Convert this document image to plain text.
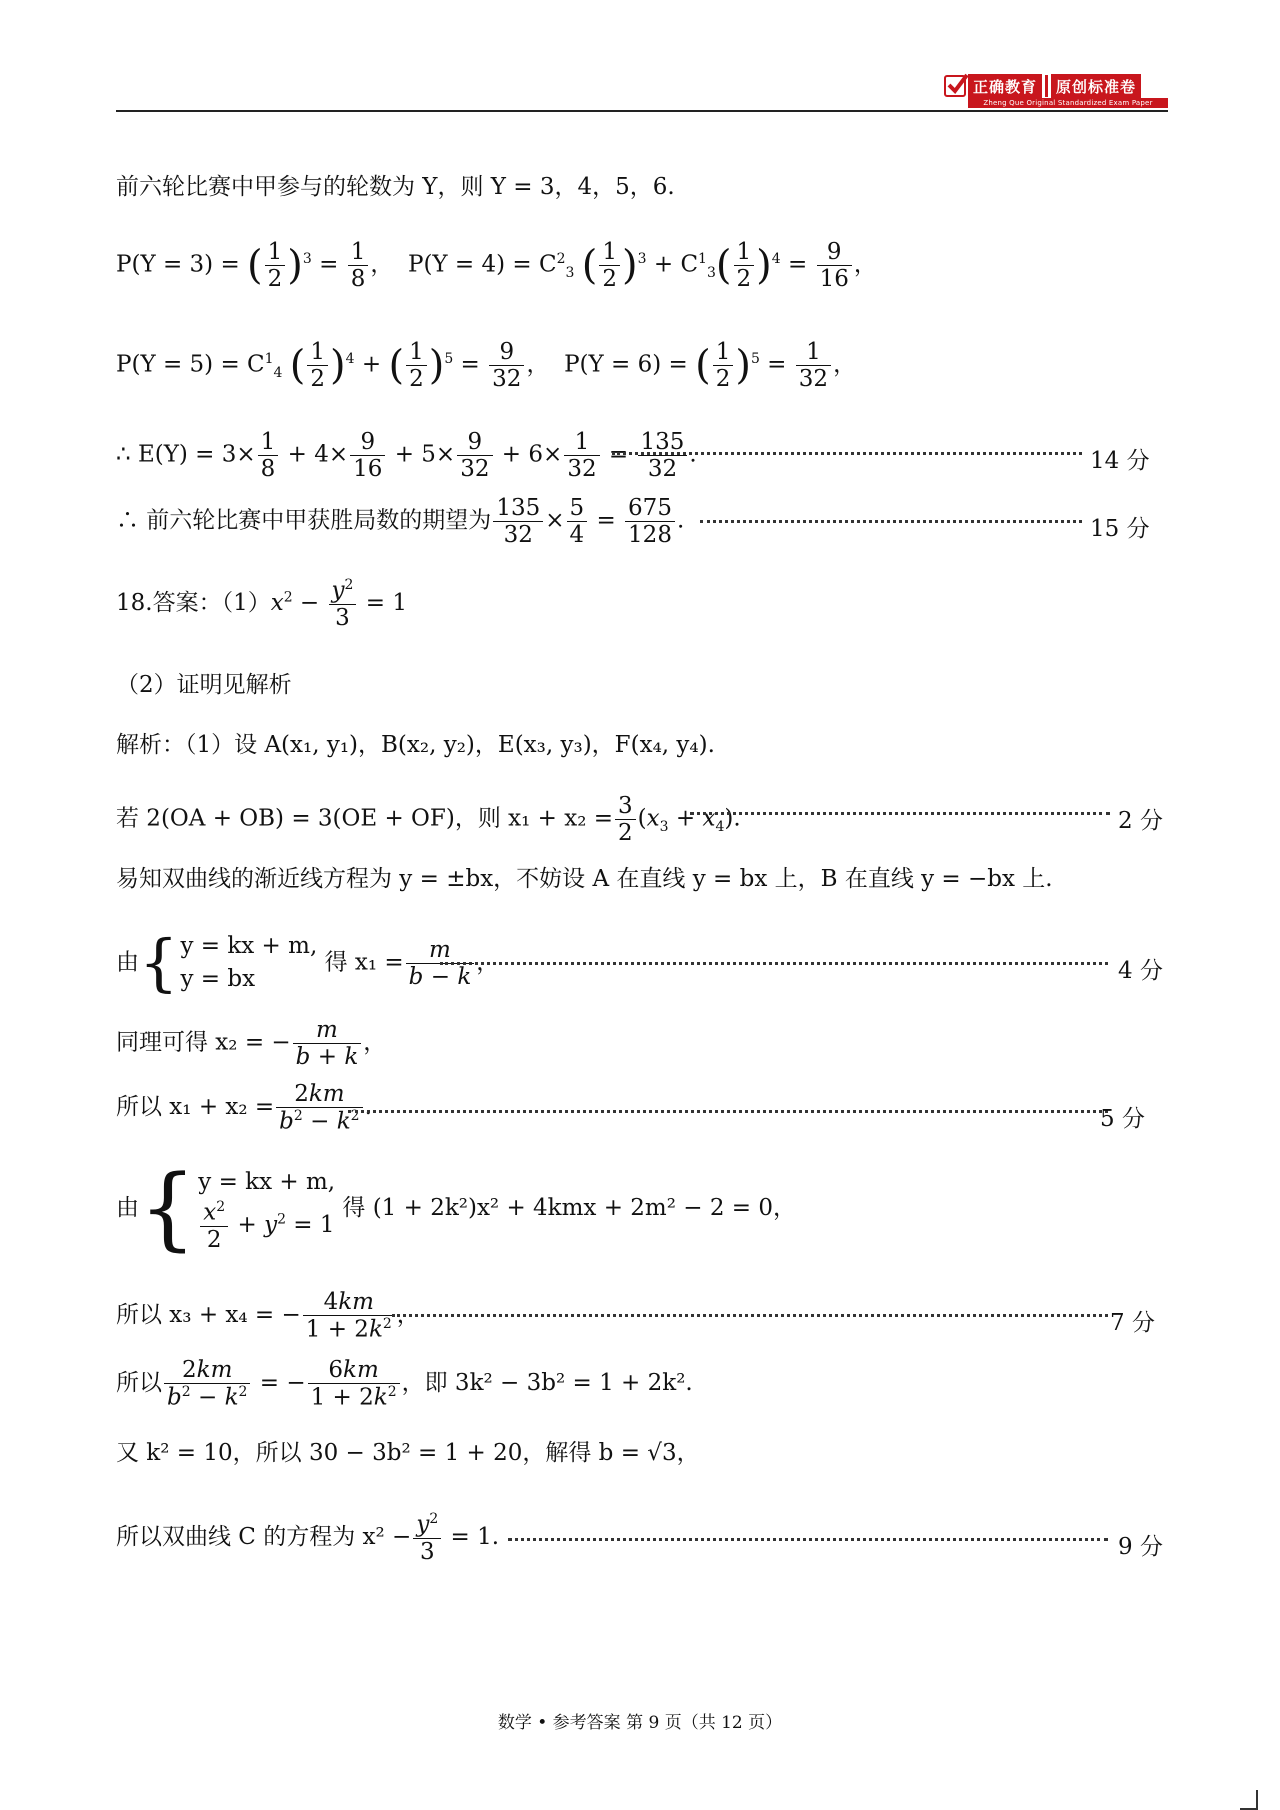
正确教育	原创标准卷
Zheng Que Original Standardized Exam Paper
前六轮比赛中甲参与的轮数为 Y，则 Y = 3，4，5，6.
P(Y = 3) = ( $\frac{1}{2} )^3 = \frac{1}{8}$ ，  $P(Y = 4) = C^2_3$ ( $\frac{1}{2} )^3 + C^1_3( \frac{1}{2} )^4 = \frac{9}{16}$ ，
$P(Y = 5) = C^1_4$ ( $\frac{1}{2} )^4$ + ( $\frac{1}{2} )^5 = \frac{9}{32}$ ，  P(Y = 6) = ( $\frac{1}{2} )^5 = \frac{1}{32}$ ，
∴ $E(Y) = 3\times \frac{1}{8} + 4\times \frac{9}{16} + 5\times \frac{9}{32} + 6\times \frac{1}{32} = \frac{135}{32}$ .	14 分
∴ 前六轮比赛中甲获胜局数的期望为 $\frac{135}{32} \times \frac{5}{4} = \frac{675}{128}$ .	15 分
18.答案：$(1)x^2 - \frac{y^2}{3} = 1$
（2）证明见解析
解析：（1）设 A(x₁, y₁)，B(x₂, y₂)，E(x₃, y₃)，F(x₄, y₄).
若 2(OA + OB) = 3(OE + OF)，则 $x_1 + x_2 = \frac{3}{2} (x_3 + x_4)$.	2 分
易知双曲线的渐近线方程为 y = ±bx，不妨设 A 在直线 y = bx 上，B 在直线 y = −bx 上.
由{y = kx + m,
y = bx 得 $x_1 = \frac{m}{b - k}$ ，	4 分
同理可得 x₂ = − $\frac{m}{b + k}$ ，
所以 $x_1 + x_2 = \frac{2km}{b^2 - k^2}$ .	5 分
由{y = kx + m,

$\frac{x^2}{2} + y^2 = 1$ 得 (1 + 2k²)x² + 4kmx + 2m² − 2 = 0，
所以 x₃ + x₄ = − $\frac{4km}{1 + 2k^2}$ ，	7 分
所以 $\frac{2km}{b^2 - k^2}$ = − $\frac{6km}{1 + 2k^2}$ ，即 3k² − 3b² = 1 + 2k².
又 k² = 10，所以 30 − 3b² = 1 + 20，解得 b = √3，
所以双曲线 C 的方程为 $x^2 - \frac{y^2}{3} = 1$.	9 分
数学 • 参考答案 第 9 页（共 12 页）
